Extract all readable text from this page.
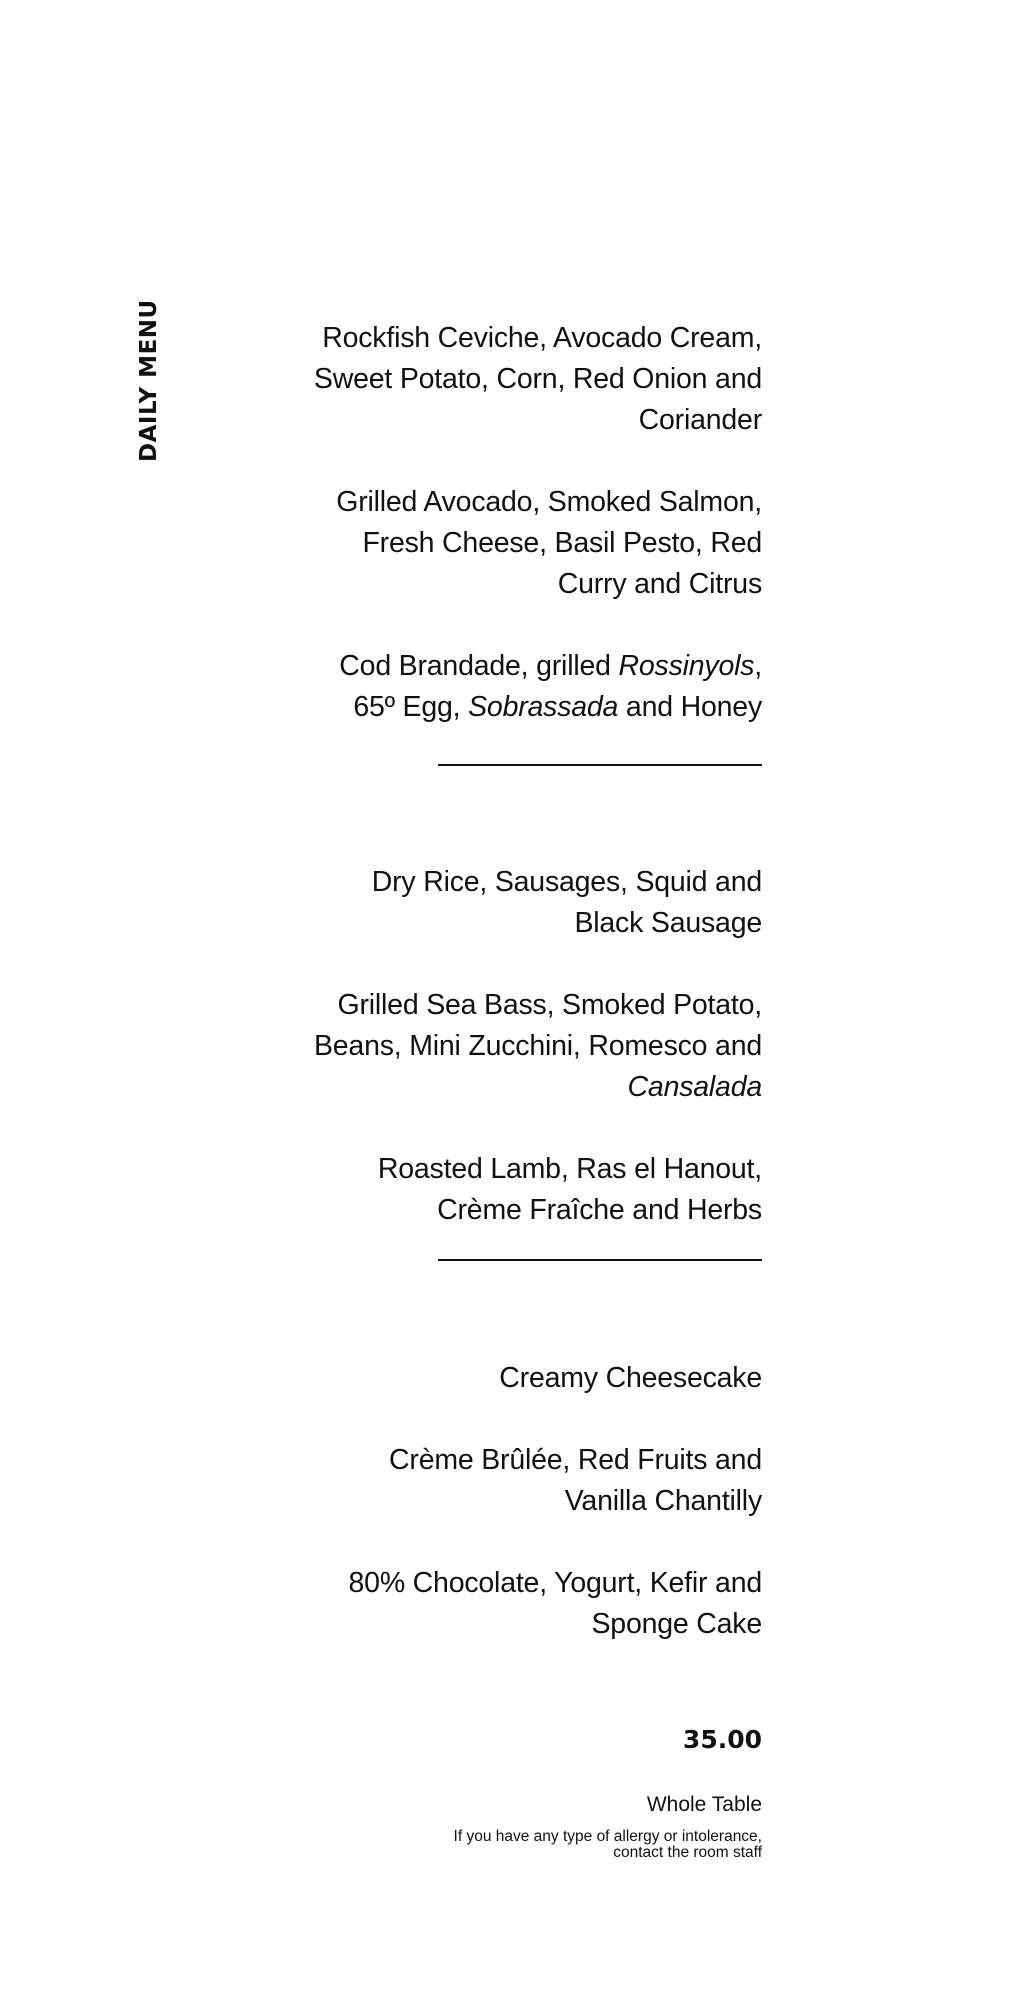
DAILY MENU	Rockfish Ceviche, Avocado Cream,
Sweet Potato, Corn, Red Onion and
Coriander

Grilled Avocado, Smoked Salmon,
Fresh Cheese, Basil Pesto, Red
Curry and Citrus

Cod Brandade, grilled Rossinyols,
65º Egg, Sobrassada and Honey

Dry Rice, Sausages, Squid and
Black Sausage

Grilled Sea Bass, Smoked Potato,
Beans, Mini Zucchini, Romesco and
Cansalada

Roasted Lamb, Ras el Hanout,
Crème Fraîche and Herbs

Creamy Cheesecake

Crème Brûlée, Red Fruits and
Vanilla Chantilly

80% Chocolate, Yogurt, Kefir and
Sponge Cake

35.00
Whole Table
If you have any type of allergy or intolerance,
contact the room staff
